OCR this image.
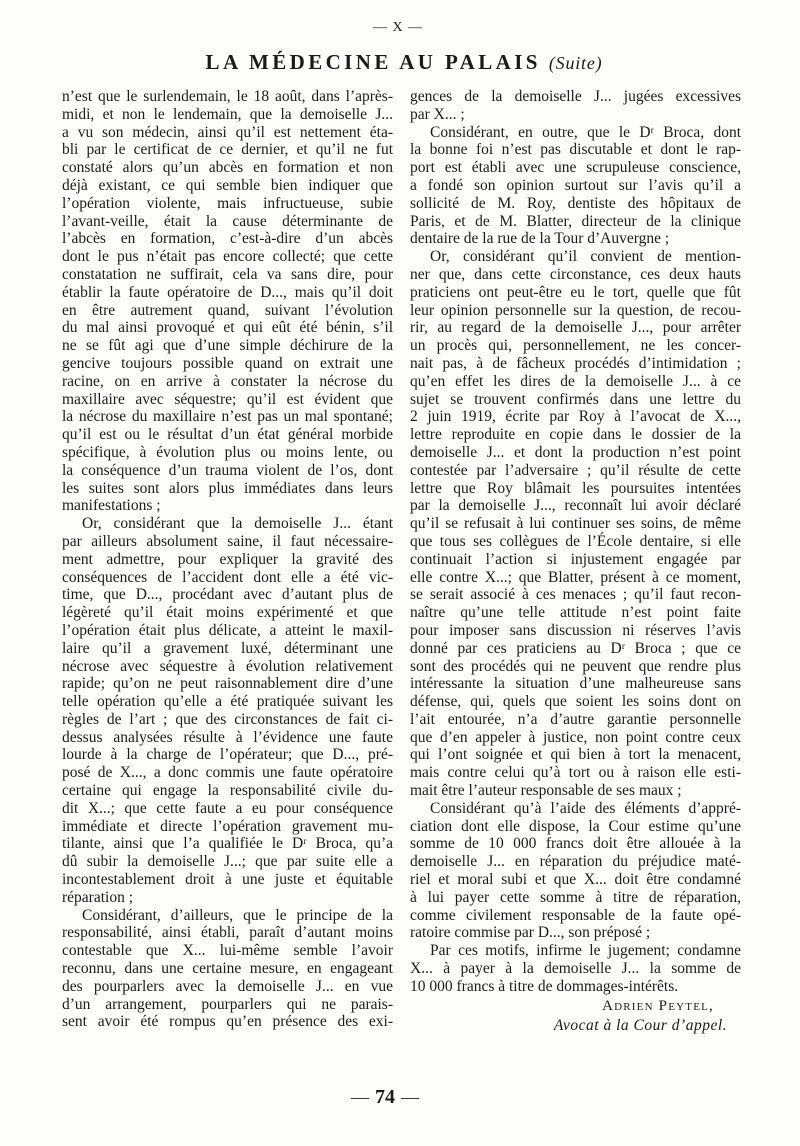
— X —
LA MÉDECINE AU PALAIS (Suite)
n’est que le surlendemain, le 18 août, dans l’après-
midi, et non le lendemain, que la demoiselle J...
a vu son médecin, ainsi qu’il est nettement éta-
bli par le certificat de ce dernier, et qu’il ne fut
constaté alors qu’un abcès en formation et non
déjà existant, ce qui semble bien indiquer que
l’opération violente, mais infructueuse, subie
l’avant-veille, était la cause déterminante de
l’abcès en formation, c’est-à-dire d’un abcès
dont le pus n’était pas encore collecté; que cette
constatation ne suffirait, cela va sans dire, pour
établir la faute opératoire de D..., mais qu’il doit
en être autrement quand, suivant l’évolution
du mal ainsi provoqué et qui eût été bénin, s’il
ne se fût agi que d’une simple déchirure de la
gencive toujours possible quand on extrait une
racine, on en arrive à constater la nécrose du
maxillaire avec séquestre; qu’il est évident que
la nécrose du maxillaire n’est pas un mal spontané;
qu’il est ou le résultat d’un état général morbide
spécifique, à évolution plus ou moins lente, ou
la conséquence d’un trauma violent de l’os, dont
les suites sont alors plus immédiates dans leurs
manifestations ;
Or, considérant que la demoiselle J... étant
par ailleurs absolument saine, il faut nécessaire-
ment admettre, pour expliquer la gravité des
conséquences de l’accident dont elle a été vic-
time, que D..., procédant avec d’autant plus de
légèreté qu’il était moins expérimenté et que
l’opération était plus délicate, a atteint le maxil-
laire qu’il a gravement luxé, déterminant une
nécrose avec séquestre à évolution relativement
rapide; qu’on ne peut raisonnablement dire d’une
telle opération qu’elle a été pratiquée suivant les
règles de l’art ; que des circonstances de fait ci-
dessus analysées résulte à l’évidence une faute
lourde à la charge de l’opérateur; que D..., pré-
posé de X..., a donc commis une faute opératoire
certaine qui engage la responsabilité civile du-
dit X...; que cette faute a eu pour conséquence
immédiate et directe l’opération gravement mu-
tilante, ainsi que l’a qualifiée le Dʳ Broca, qu’a
dû subir la demoiselle J...; que par suite elle a
incontestablement droit à une juste et équitable
réparation ;
Considérant, d’ailleurs, que le principe de la
responsabilité, ainsi établi, paraît d’autant moins
contestable que X... lui-même semble l’avoir
reconnu, dans une certaine mesure, en engageant
des pourparlers avec la demoiselle J... en vue
d’un arrangement, pourparlers qui ne parais-
sent avoir été rompus qu’en présence des exi-
gences de la demoiselle J... jugées excessives
par X... ;
Considérant, en outre, que le Dʳ Broca, dont
la bonne foi n’est pas discutable et dont le rap-
port est établi avec une scrupuleuse conscience,
a fondé son opinion surtout sur l’avis qu’il a
sollicité de M. Roy, dentiste des hôpitaux de
Paris, et de M. Blatter, directeur de la clinique
dentaire de la rue de la Tour d’Auvergne ;
Or, considérant qu’il convient de mention-
ner que, dans cette circonstance, ces deux hauts
praticiens ont peut-être eu le tort, quelle que fût
leur opinion personnelle sur la question, de recou-
rir, au regard de la demoiselle J..., pour arrêter
un procès qui, personnellement, ne les concer-
nait pas, à de fâcheux procédés d’intimidation ;
qu’en effet les dires de la demoiselle J... à ce
sujet se trouvent confirmés dans une lettre du
2 juin 1919, écrite par Roy à l’avocat de X...,
lettre reproduite en copie dans le dossier de la
demoiselle J... et dont la production n’est point
contestée par l’adversaire ; qu’il résulte de cette
lettre que Roy blâmait les poursuites intentées
par la demoiselle J..., reconnaît lui avoir déclaré
qu’il se refusait à lui continuer ses soins, de même
que tous ses collègues de l’École dentaire, si elle
continuait l’action si injustement engagée par
elle contre X...; que Blatter, présent à ce moment,
se serait associé à ces menaces ; qu’il faut recon-
naître qu’une telle attitude n’est point faite
pour imposer sans discussion ni réserves l’avis
donné par ces praticiens au Dʳ Broca ; que ce
sont des procédés qui ne peuvent que rendre plus
intéressante la situation d’une malheureuse sans
défense, qui, quels que soient les soins dont on
l’ait entourée, n’a d’autre garantie personnelle
que d’en appeler à justice, non point contre ceux
qui l’ont soignée et qui bien à tort la menacent,
mais contre celui qu’à tort ou à raison elle esti-
mait être l’auteur responsable de ses maux ;
Considérant qu’à l’aide des éléments d’appré-
ciation dont elle dispose, la Cour estime qu’une
somme de 10 000 francs doit être allouée à la
demoiselle J... en réparation du préjudice maté-
riel et moral subi et que X... doit être condamné
à lui payer cette somme à titre de réparation,
comme civilement responsable de la faute opé-
ratoire commise par D..., son préposé ;
Par ces motifs, infirme le jugement; condamne
X... à payer à la demoiselle J... la somme de
10 000 francs à titre de dommages-intérêts.
Adrien Peytel,
Avocat à la Cour d’appel.
— 74 —
